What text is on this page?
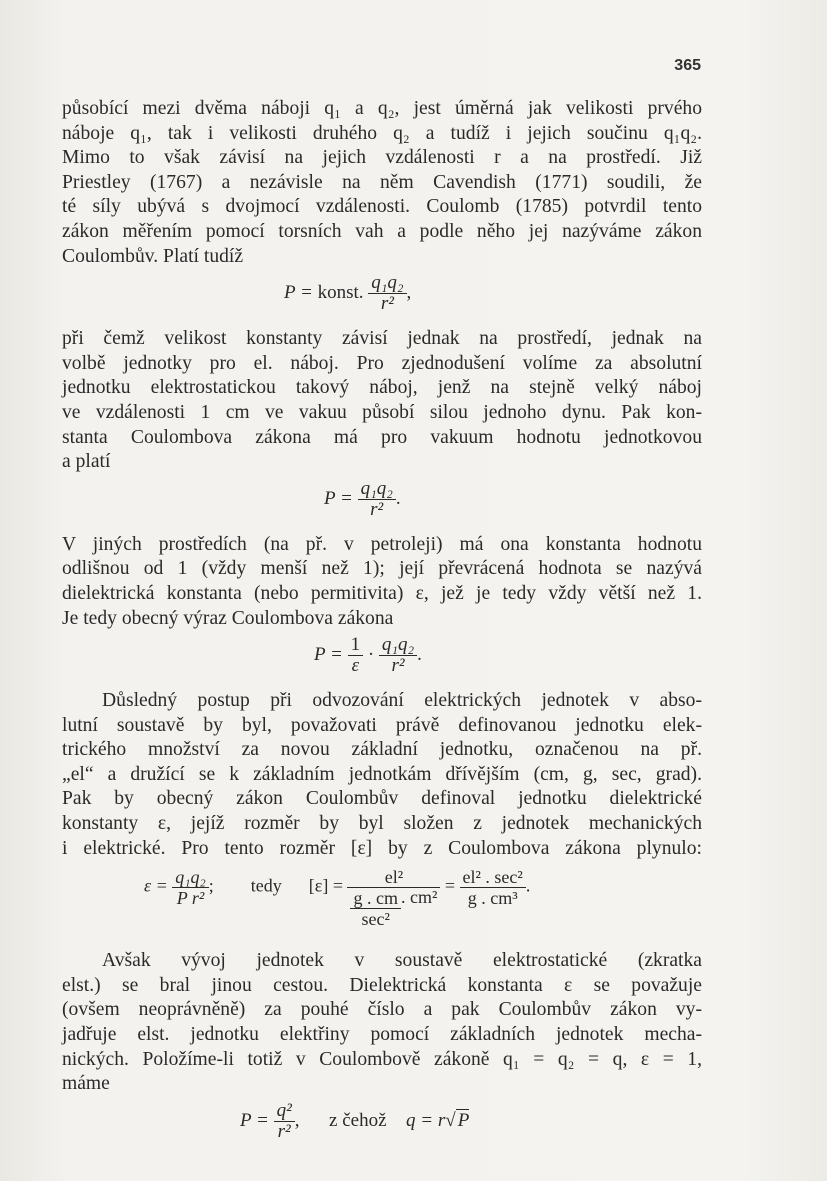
365
působící mezi dvěma náboji q₁ a q₂, jest úměrná jak velikosti prvého
náboje q₁, tak i velikosti druhého q₂ a tudíž i jejich součinu q₁q₂.
Mimo to však závisí na jejich vzdálenosti r a na prostředí. Již
Priestley (1767) a nezávisle na něm Cavendish (1771) soudili, že
té síly ubývá s dvojmocí vzdálenosti. Coulomb (1785) potvrdil tento
zákon měřením pomocí torsních vah a podle něho jej nazýváme zákon
Coulombův. Platí tudíž
P = konst. $\frac{\text{q₁q₂}}{\text{r²}}$ ,
při čemž velikost konstanty závisí jednak na prostředí, jednak na
volbě jednotky pro el. náboj. Pro zjednodušení volíme za absolutní
jednotku elektrostatickou takový náboj, jenž na stejně velký náboj
ve vzdálenosti 1 cm ve vakuu působí silou jednoho dynu. Pak kon-
stanta Coulombova zákona má pro vakuum hodnotu jednotkovou
a platí
$P = \frac{\text{q₁q₂}}{\text{r²}}$ .
V jiných prostředích (na př. v petroleji) má ona konstanta hodnotu
odlišnou od 1 (vždy menší než 1); její převrácená hodnota se nazývá
dielektrická konstanta (nebo permitivita) ε, jež je tedy vždy větší než 1.
Je tedy obecný výraz Coulombova zákona
$P = \frac{1}{\varepsilon} \cdot \frac{\text{q₁q₂}}{\text{r²}}$ .
Důsledný postup při odvozování elektrických jednotek v abso-
lutní soustavě by byl, považovati právě definovanou jednotku elek-
trického množství za novou základní jednotku, označenou na př.
„el“ a družící se k základním jednotkám dřívějším (cm, g, sec, grad).
Pak by obecný zákon Coulombův definoval jednotku dielektrické
konstanty ε, jejíž rozměr by byl složen z jednotek mechanických
i elektrické. Pro tento rozměr [ε] by z Coulombova zákona plynulo:
$\varepsilon = \frac{\text{q₁q₂}}{\text{P r²}}$ ; tedy $[\varepsilon] = \frac{\text{el²}}{\frac{g . cm}{\text{sec²}} . cm^2} = \frac{\text{el² . sec²}}{\text{g . cm³}}$ .
Avšak vývoj jednotek v soustavě elektrostatické (zkratka
elst.) se bral jinou cestou. Dielektrická konstanta ε se považuje
(ovšem neoprávněně) za pouhé číslo a pak Coulombův zákon vy-
jadřuje elst. jednotku elektřiny pomocí základních jednotek mecha-
nických. Položíme-li totiž v Coulombově zákoně q₁ = q₂ = q, ε = 1,
máme
$P = \frac{\text{q²}}{\text{r²}}$ , z čehož q = r√ P
